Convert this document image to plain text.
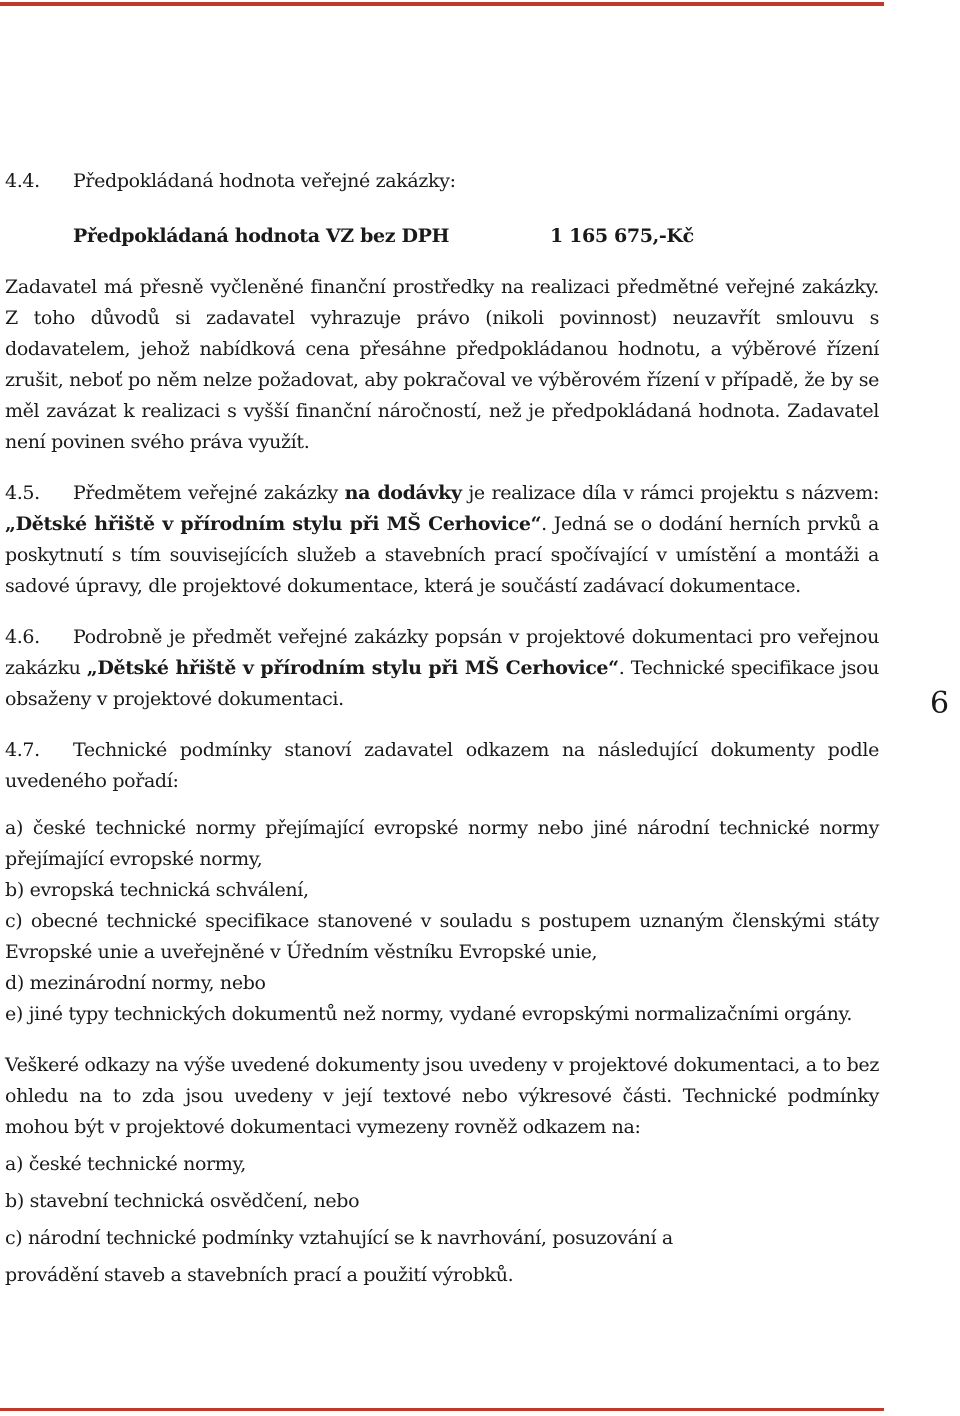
4.4. Předpokládaná hodnota veřejné zakázky:

Předpokládaná hodnota VZ bez DPH	1 165 675,-Kč

Zadavatel má přesně vyčleněné finanční prostředky na realizaci předmětné veřejné zakázky. Z toho důvodů si zadavatel vyhrazuje právo (nikoli povinnost) neuzavřít smlouvu s dodavatelem, jehož nabídková cena přesáhne předpokládanou hodnotu, a výběrové řízení zrušit, neboť po něm nelze požadovat, aby pokračoval ve výběrovém řízení v případě, že by se měl zavázat k realizaci s vyšší finanční náročností, než je předpokládaná hodnota. Zadavatel není povinen svého práva využít.

4.5. Předmětem veřejné zakázky na dodávky je realizace díla v rámci projektu s názvem: „Dětské hřiště v přírodním stylu při MŠ Cerhovice“. Jedná se o dodání herních prvků a poskytnutí s tím souvisejících služeb a stavebních prací spočívající v umístění a montáži a sadové úpravy, dle projektové dokumentace, která je součástí zadávací dokumentace.

4.6. Podrobně je předmět veřejné zakázky popsán v projektové dokumentaci pro veřejnou zakázku „Dětské hřiště v přírodním stylu při MŠ Cerhovice“. Technické specifikace jsou obsaženy v projektové dokumentaci.

4.7. Technické podmínky stanoví zadavatel odkazem na následující dokumenty podle uvedeného pořadí:

a) české technické normy přejímající evropské normy nebo jiné národní technické normy přejímající evropské normy,

b) evropská technická schválení,

c) obecné technické specifikace stanovené v souladu s postupem uznaným členskými státy Evropské unie a uveřejněné v Úředním věstníku Evropské unie,

d) mezinárodní normy, nebo

e) jiné typy technických dokumentů než normy, vydané evropskými normalizačními orgány.

Veškeré odkazy na výše uvedené dokumenty jsou uvedeny v projektové dokumentaci, a to bez ohledu na to zda jsou uvedeny v její textové nebo výkresové části. Technické podmínky mohou být v projektové dokumentaci vymezeny rovněž odkazem na:

a) české technické normy,

b) stavební technická osvědčení, nebo

c) národní technické podmínky vztahující se k navrhování, posuzování a

provádění staveb a stavebních prací a použití výrobků.

6
